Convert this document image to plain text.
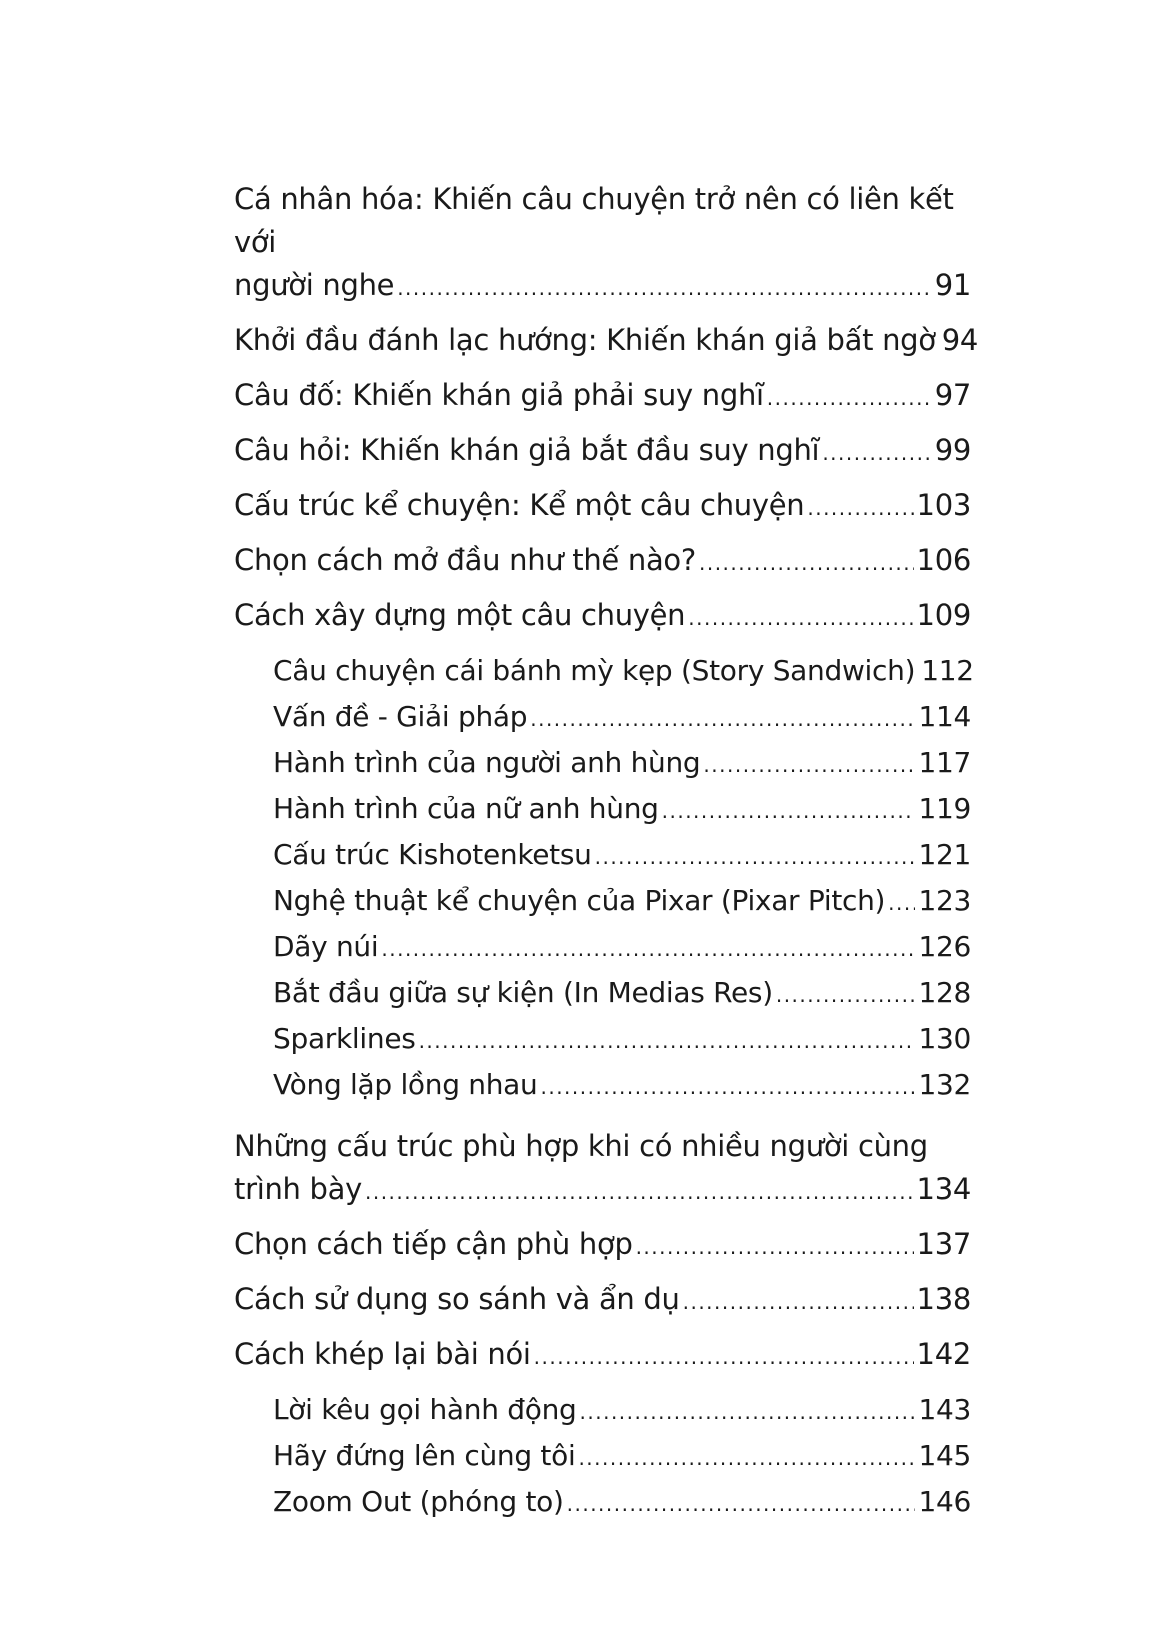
Cá nhân hóa: Khiến câu chuyện trở nên có liên kết với
người nghe .....	91
Khởi đầu đánh lạc hướng: Khiến khán giả bất ngờ 94
Câu đố: Khiến khán giả phải suy nghĩ .....	97
Câu hỏi: Khiến khán giả bắt đầu suy nghĩ .....	99
Cấu trúc kể chuyện: Kể một câu chuyện .....	103
Chọn cách mở đầu như thế nào? .....	106
Cách xây dựng một câu chuyện .....	109
Câu chuyện cái bánh mỳ kẹp (Story Sandwich) 112
Vấn đề - Giải pháp .....	114
Hành trình của người anh hùng .....	117
Hành trình của nữ anh hùng .....	119
Cấu trúc Kishotenketsu .....	121
Nghệ thuật kể chuyện của Pixar (Pixar Pitch) ..... 123
Dãy núi .....	126
Bắt đầu giữa sự kiện (In Medias Res) .....	128
Sparklines .....	130
Vòng lặp lồng nhau .....	132
Những cấu trúc phù hợp khi có nhiều người cùng
trình bày .....	134
Chọn cách tiếp cận phù hợp .....	137
Cách sử dụng so sánh và ẩn dụ .....	138
Cách khép lại bài nói .....	142
Lời kêu gọi hành động .....	143
Hãy đứng lên cùng tôi .....	145
Zoom Out (phóng to) .....	146
